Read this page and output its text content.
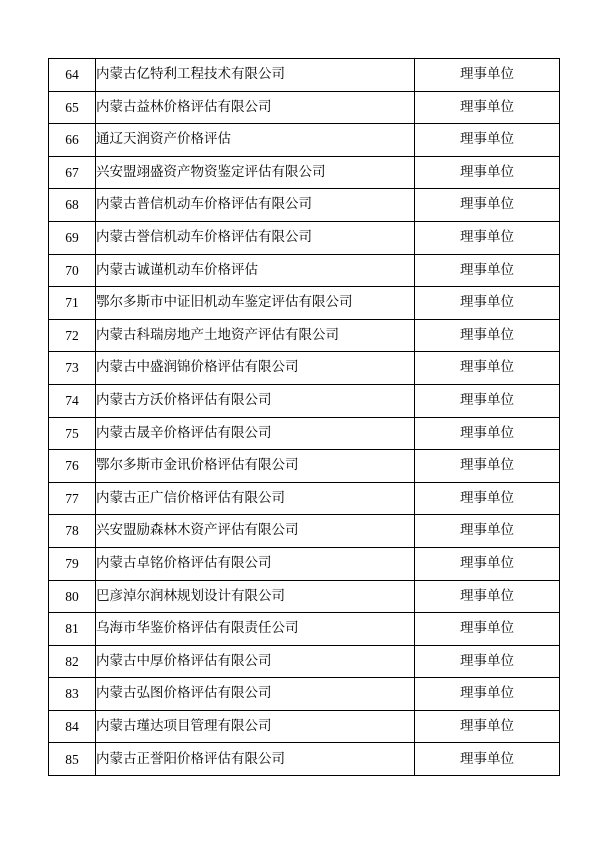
64	内蒙古亿特利工程技术有限公司	理事单位
65	内蒙古益林价格评估有限公司	理事单位
66	通辽天润资产价格评估	理事单位
67	兴安盟翊盛资产物资鉴定评估有限公司	理事单位
68	内蒙古普信机动车价格评估有限公司	理事单位
69	内蒙古誉信机动车价格评估有限公司	理事单位
70	内蒙古诚谨机动车价格评估	理事单位
71	鄂尔多斯市中证旧机动车鉴定评估有限公司	理事单位
72	内蒙古科瑞房地产土地资产评估有限公司	理事单位
73	内蒙古中盛润锦价格评估有限公司	理事单位
74	内蒙古方沃价格评估有限公司	理事单位
75	内蒙古晟辛价格评估有限公司	理事单位
76	鄂尔多斯市金讯价格评估有限公司	理事单位
77	内蒙古正广信价格评估有限公司	理事单位
78	兴安盟励森林木资产评估有限公司	理事单位
79	内蒙古卓铭价格评估有限公司	理事单位
80	巴彦淖尔润林规划设计有限公司	理事单位
81	乌海市华鉴价格评估有限责任公司	理事单位
82	内蒙古中厚价格评估有限公司	理事单位
83	内蒙古弘图价格评估有限公司	理事单位
84	内蒙古瑾达项目管理有限公司	理事单位
85	内蒙古正誉阳价格评估有限公司	理事单位
